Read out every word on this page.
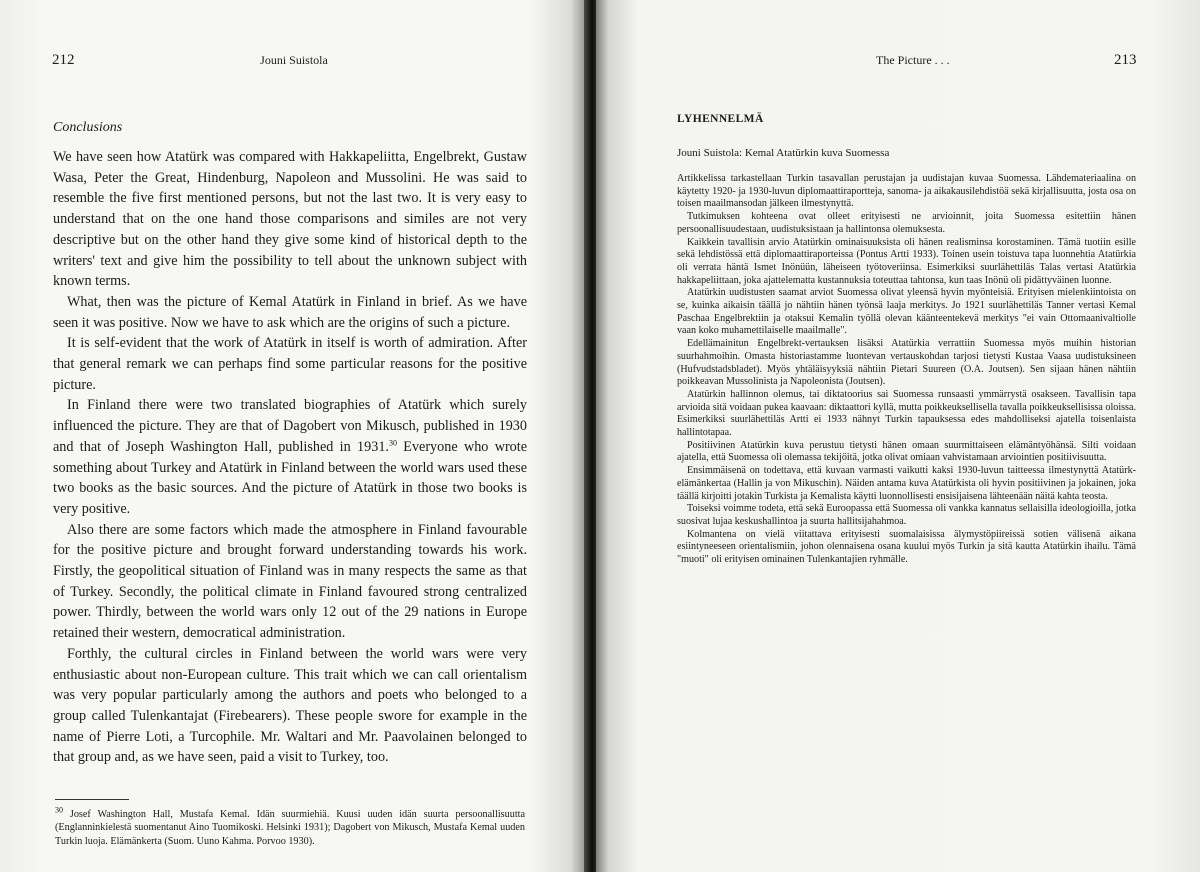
212	Jouni Suistola
Conclusions

We have seen how Atatürk was compared with Hakkapeliitta, Engelbrekt, Gustaw Wasa, Peter the Great, Hindenburg, Napoleon and Mussolini. He was said to resemble the five first mentioned persons, but not the last two. It is very easy to understand that on the one hand those comparisons and similes are not very descriptive but on the other hand they give some kind of historical depth to the writers' text and give him the possibility to tell about the unknown subject with known terms.

What, then was the picture of Kemal Atatürk in Finland in brief. As we have seen it was positive. Now we have to ask which are the origins of such a picture.

It is self-evident that the work of Atatürk in itself is worth of admiration. After that general remark we can perhaps find some particular reasons for the positive picture.

In Finland there were two translated biographies of Atatürk which surely influenced the picture. They are that of Dagobert von Mikusch, published in 1930 and that of Joseph Washington Hall, published in 1931.30 Everyone who wrote something about Turkey and Atatürk in Finland between the world wars used these two books as the basic sources. And the picture of Atatürk in those two books is very positive.

Also there are some factors which made the atmosphere in Finland favourable for the positive picture and brought forward understanding towards his work. Firstly, the geopolitical situation of Finland was in many respects the same as that of Turkey. Secondly, the political climate in Finland favoured strong centralized power. Thirdly, between the world wars only 12 out of the 29 nations in Europe retained their western, democratical administration.

Forthly, the cultural circles in Finland between the world wars were very enthusiastic about non-European culture. This trait which we can call orientalism was very popular particularly among the authors and poets who belonged to a group called Tulenkantajat (Firebearers). These people swore for example in the name of Pierre Loti, a Turcophile. Mr. Waltari and Mr. Paavolainen belonged to that group and, as we have seen, paid a visit to Turkey, too.

$^{30}$ Josef Washington Hall, Mustafa Kemal. Idän suurmiehiä. Kuusi uuden idän suurta persoonallisuutta (Englanninkielestä suomentanut Aino Tuomikoski. Helsinki 1931); Dagobert von Mikusch, Mustafa Kemal uuden Turkin luoja. Elämänkerta (Suom. Uuno Kahma. Porvoo 1930).
The Picture . . .	213
LYHENNELMÄ
Jouni Suistola: Kemal Atatürkin kuva Suomessa

Artikkelissa tarkastellaan Turkin tasavallan perustajan ja uudistajan kuvaa Suomessa. Lähdemateriaalina on käytetty 1920- ja 1930-luvun diplomaattiraportteja, sanoma- ja aikakausilehdistöä sekä kirjallisuutta, josta osa on toisen maailmansodan jälkeen ilmestynyttä.

Tutkimuksen kohteena ovat olleet erityisesti ne arvioinnit, joita Suomessa esitettiin hänen persoonallisuudestaan, uudistuksistaan ja hallintonsa olemuksesta.

Kaikkein tavallisin arvio Atatürkin ominaisuuksista oli hänen realisminsa korostaminen. Tämä tuotiin esille sekä lehdistössä että diplomaattiraporteissa (Pontus Artti 1933). Toinen usein toistuva tapa luonnehtia Atatürkia oli verrata häntä Ismet Inönüün, läheiseen työtoveriinsa. Esimerkiksi suurlähettiläs Talas vertasi Atatürkia hakkapeliittaan, joka ajattelematta kustannuksia toteuttaa tahtonsa, kun taas Inönü oli pidättyväinen luonne.

Atatürkin uudistusten saamat arviot Suomessa olivat yleensä hyvin myönteisiä. Erityisen mielenkiintoista on se, kuinka aikaisin täällä jo nähtiin hänen työnsä laaja merkitys. Jo 1921 suurlähettiläs Tanner vertasi Kemal Paschaa Engelbrektiin ja otaksui Kemalin työllä olevan käänteentekevä merkitys "ei vain Ottomaanivaltiolle vaan koko muhamettilaiselle maailmalle".

Edellämainitun Engelbrekt-vertauksen lisäksi Atatürkia verrattiin Suomessa myös muihin historian suurhahmoihin. Omasta historiastamme luontevan vertauskohdan tarjosi tietysti Kustaa Vaasa uudistuksineen (Hufvudstadsbladet). Myös yhtäläisyyksiä nähtiin Pietari Suureen (O.A. Joutsen). Sen sijaan hänen nähtiin poikkeavan Mussolinista ja Napoleonista (Joutsen).

Atatürkin hallinnon olemus, tai diktatoorius sai Suomessa runsaasti ymmärrystä osakseen. Tavallisin tapa arvioida sitä voidaan pukea kaavaan: diktaattori kyllä, mutta poikkeuksellisella tavalla poikkeuksellisissa oloissa. Esimerkiksi suurlähettiläs Artti ei 1933 nähnyt Turkin tapauksessa edes mahdolliseksi ajatella toisenlaista hallintotapaa.

Positiivinen Atatürkin kuva perustuu tietysti hänen omaan suurmittaiseen elämäntyöhänsä. Silti voidaan ajatella, että Suomessa oli olemassa tekijöitä, jotka olivat omiaan vahvistamaan arviointien positiivisuutta.

Ensimmäisenä on todettava, että kuvaan varmasti vaikutti kaksi 1930-luvun taitteessa ilmestynyttä Atatürk-elämänkertaa (Hallin ja von Mikuschin). Näiden antama kuva Atatürkista oli hyvin positiivinen ja jokainen, joka täällä kirjoitti jotakin Turkista ja Kemalista käytti luonnollisesti ensisijaisena lähteenään näitä kahta teosta.

Toiseksi voimme todeta, että sekä Euroopassa että Suomessa oli vankka kannatus sellaisilla ideologioilla, jotka suosivat lujaa keskushallintoa ja suurta hallitsijahahmoa.

Kolmantena on vielä viitattava erityisesti suomalaisissa älymystöpiireissä sotien välisenä aikana esiintyneeseen orientalismiin, johon olennaisena osana kuului myös Turkin ja sitä kautta Atatürkin ihailu. Tämä "muoti" oli erityisen ominainen Tulenkantajien ryhmälle.
